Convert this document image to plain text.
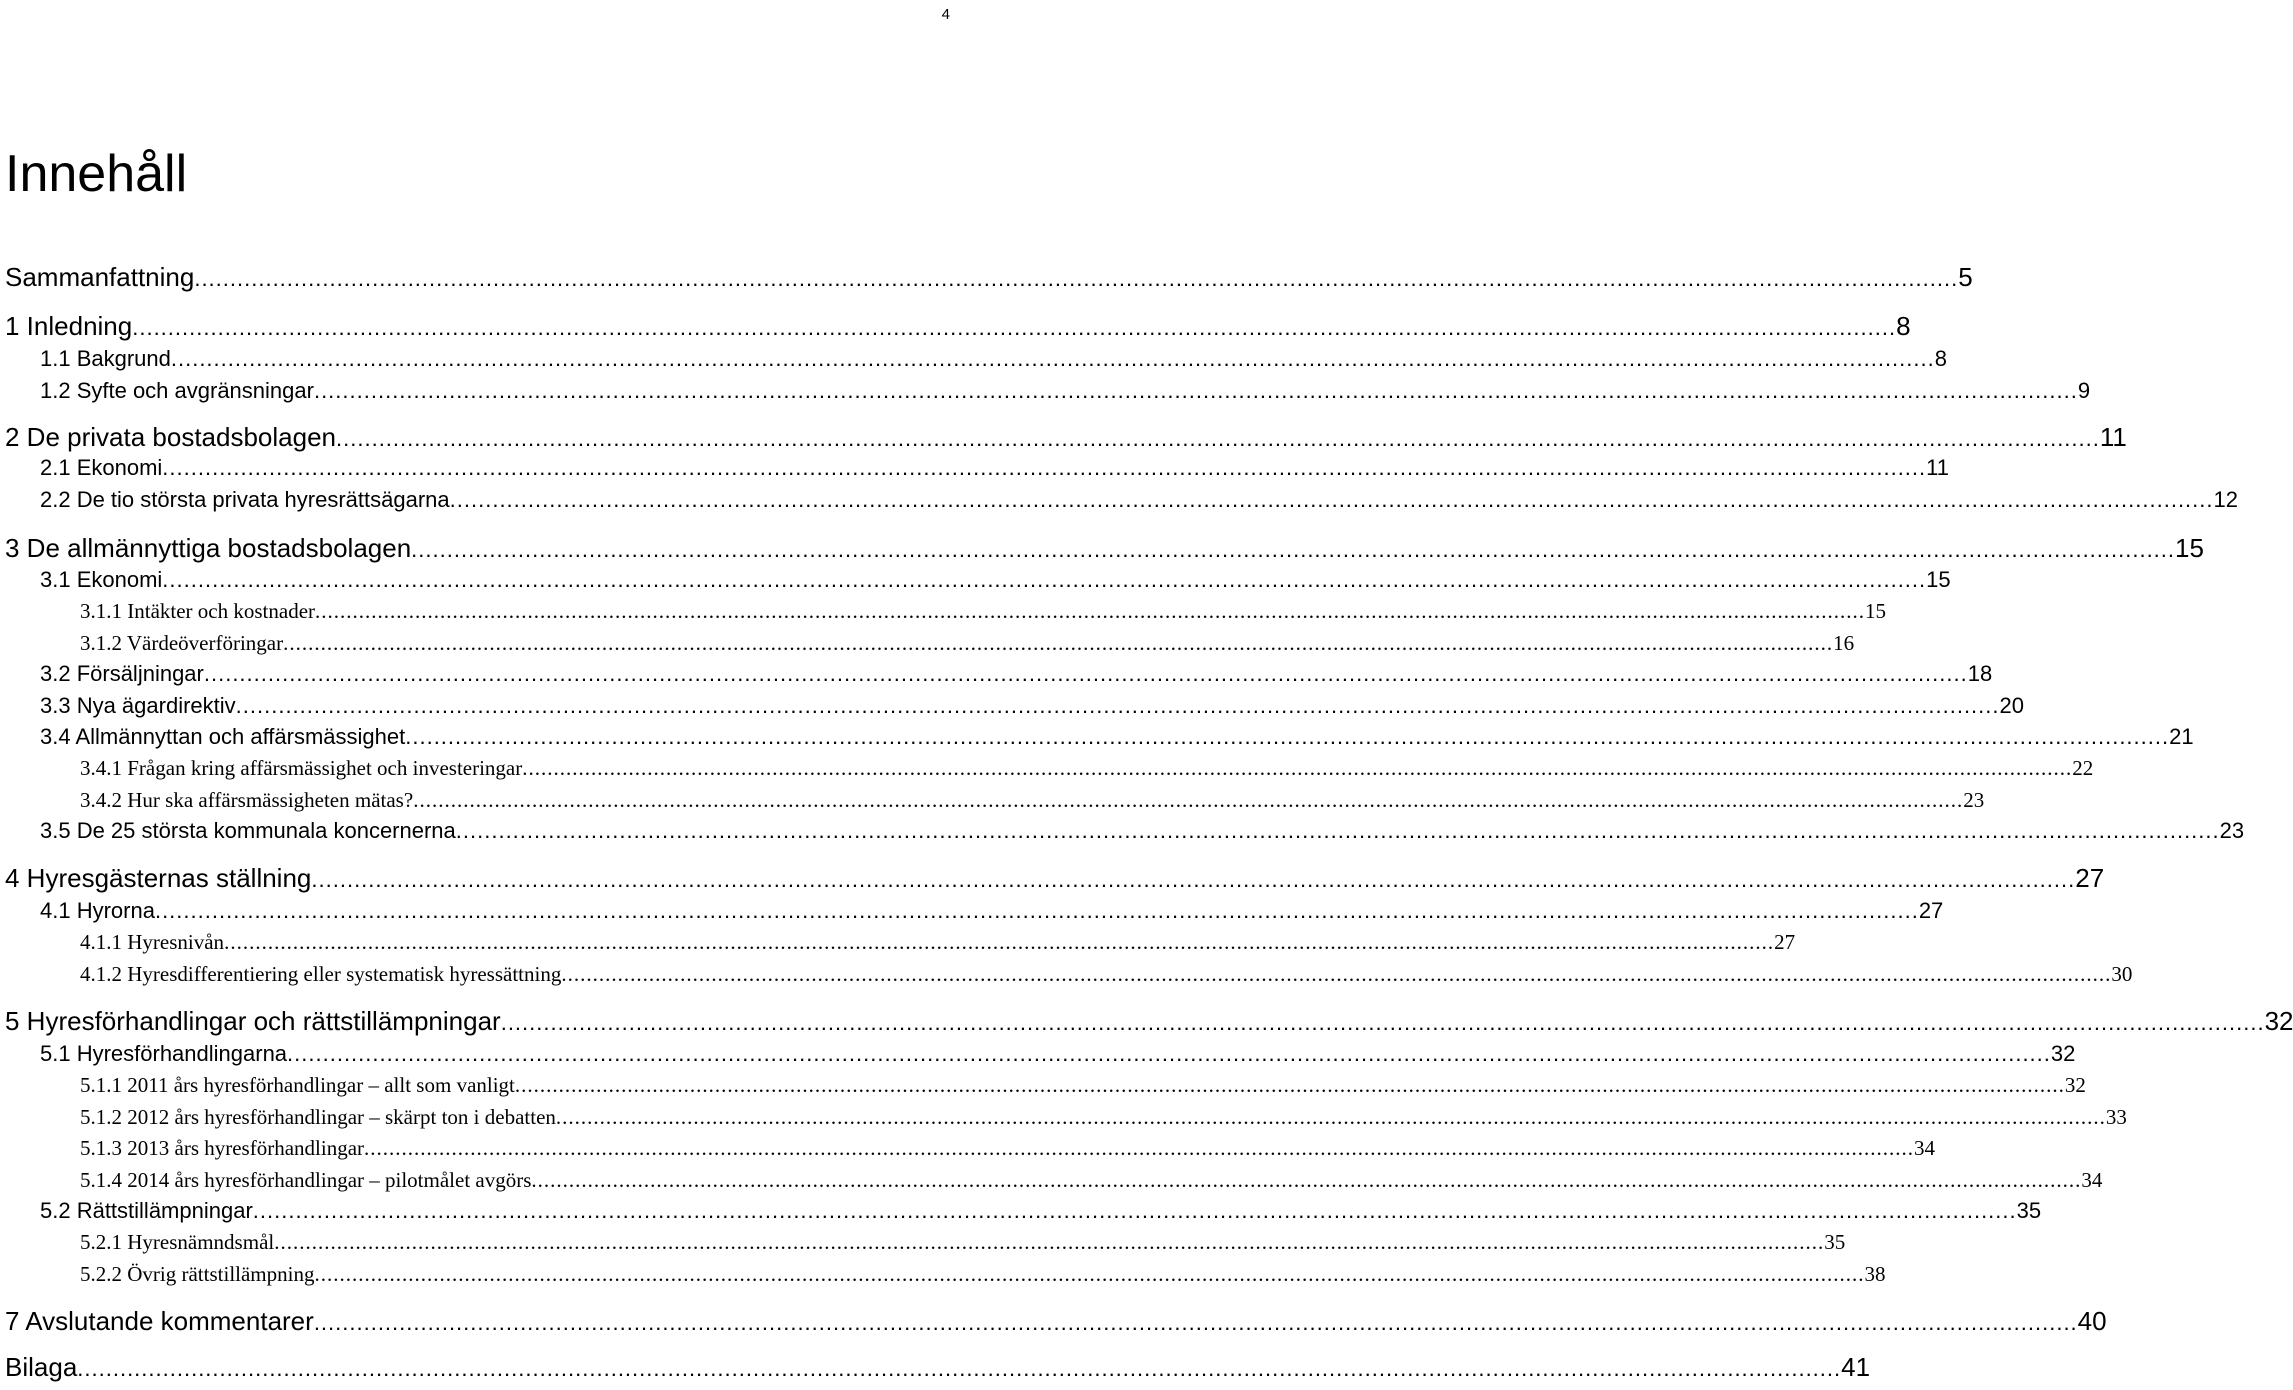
4
Innehåll
Sammanfattning .....	5
1 Inledning .....	8
1.1 Bakgrund .....	8
1.2 Syfte och avgränsningar .....	9
2 De privata bostadsbolagen .....	11
2.1 Ekonomi .....	11
2.2 De tio största privata hyresrättsägarna .....	12
3 De allmännyttiga bostadsbolagen .....	15
3.1 Ekonomi .....	15
3.1.1 Intäkter och kostnader .....	15
3.1.2 Värdeöverföringar .....	16
3.2 Försäljningar .....	18
3.3 Nya ägardirektiv .....	20
3.4 Allmännyttan och affärsmässighet .....	21
3.4.1 Frågan kring affärsmässighet och investeringar .....	22
3.4.2 Hur ska affärsmässigheten mätas? .....	23
3.5 De 25 största kommunala koncernerna .....	23
4 Hyresgästernas ställning .....	27
4.1 Hyrorna .....	27
4.1.1 Hyresnivån .....	27
4.1.2 Hyresdifferentiering eller systematisk hyressättning .....	30
5 Hyresförhandlingar och rättstillämpningar .....	32
5.1 Hyresförhandlingarna .....	32
5.1.1 2011 års hyresförhandlingar – allt som vanligt .....	32
5.1.2 2012 års hyresförhandlingar – skärpt ton i debatten .....	33
5.1.3 2013 års hyresförhandlingar .....	34
5.1.4 2014 års hyresförhandlingar – pilotmålet avgörs .....	34
5.2 Rättstillämpningar .....	35
5.2.1 Hyresnämndsmål .....	35
5.2.2 Övrig rättstillämpning .....	38
7 Avslutande kommentarer .....	40
Bilaga .....	41
